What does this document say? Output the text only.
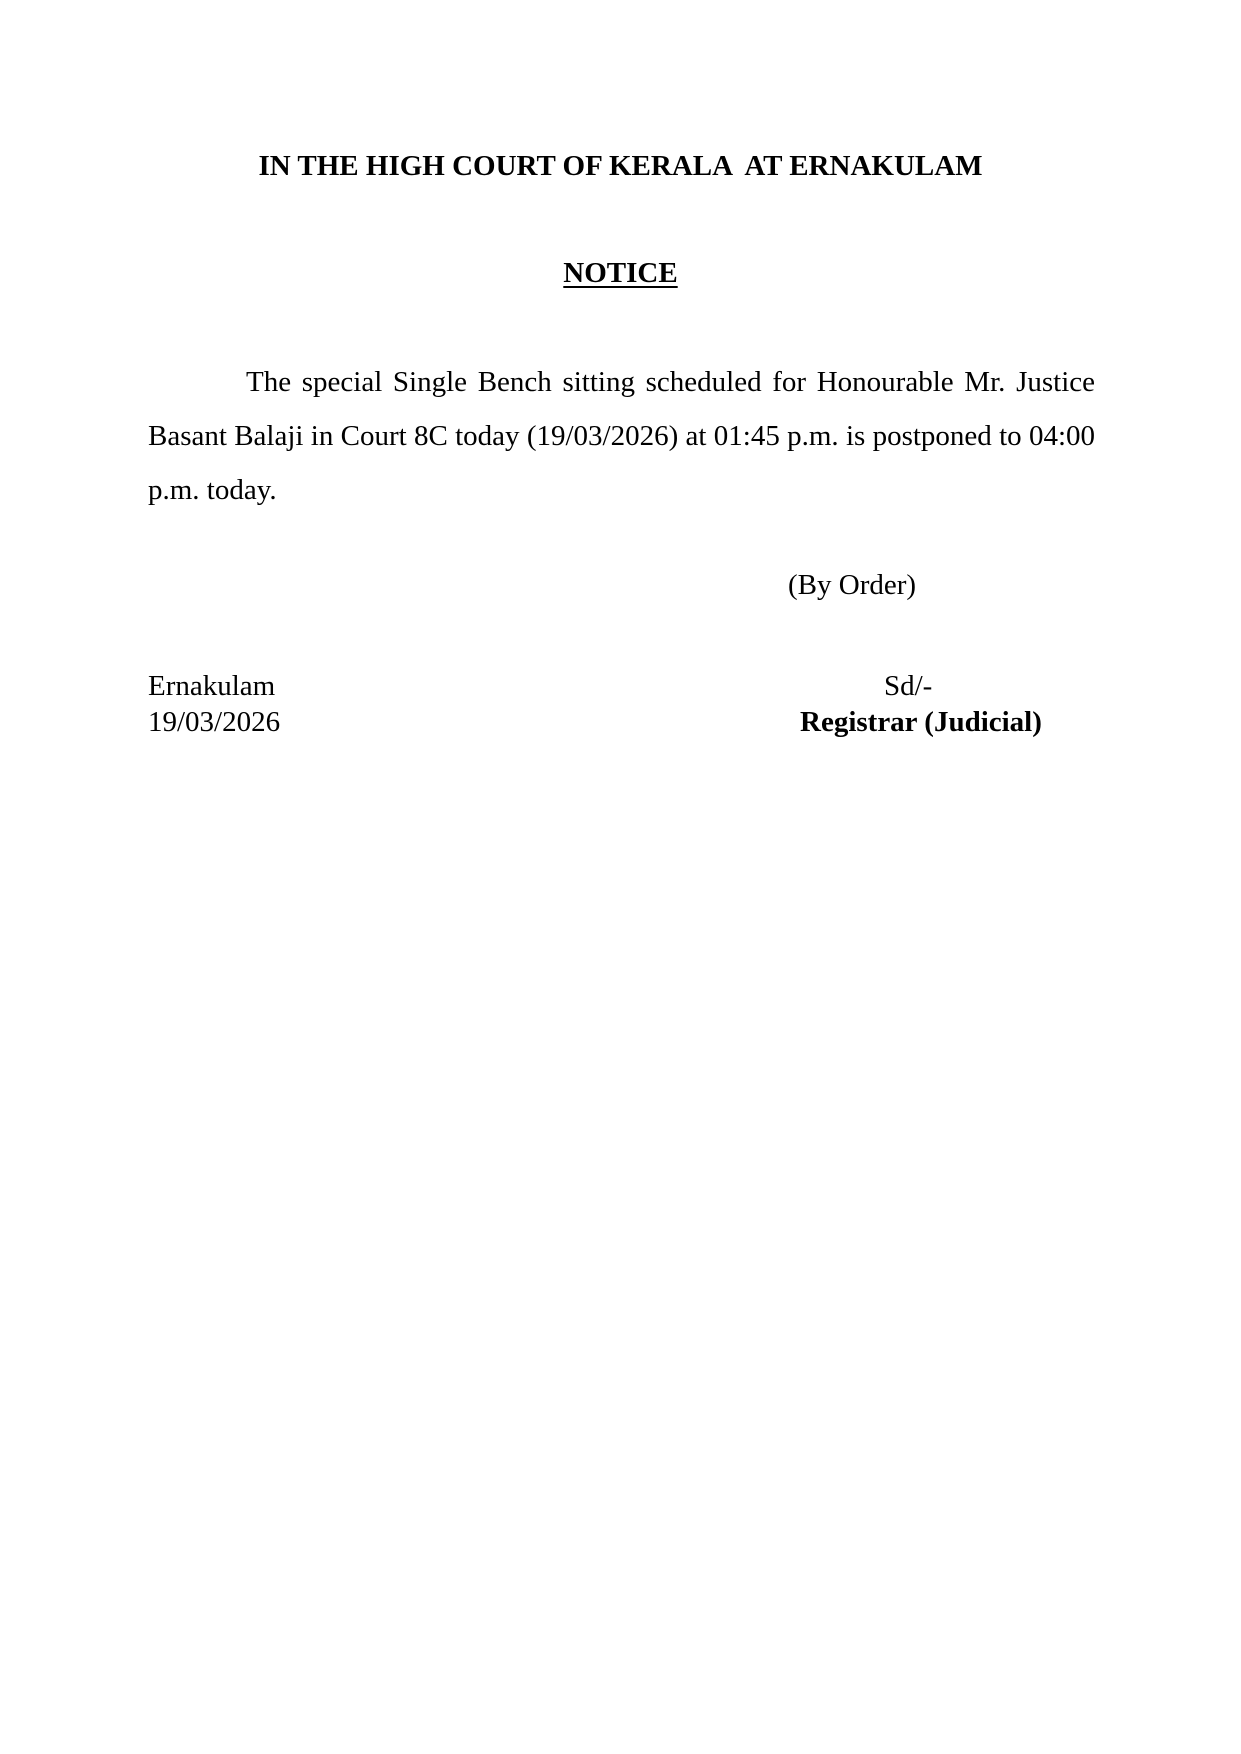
IN THE HIGH COURT OF KERALA  AT ERNAKULAM
NOTICE

The special Single Bench sitting scheduled for Honourable Mr. Justice Basant Balaji in Court 8C today (19/03/2026) at 01:45 p.m. is postponed to 04:00 p.m. today.

(By Order)

Ernakulam

19/03/2026

Sd/-

Registrar (Judicial)
